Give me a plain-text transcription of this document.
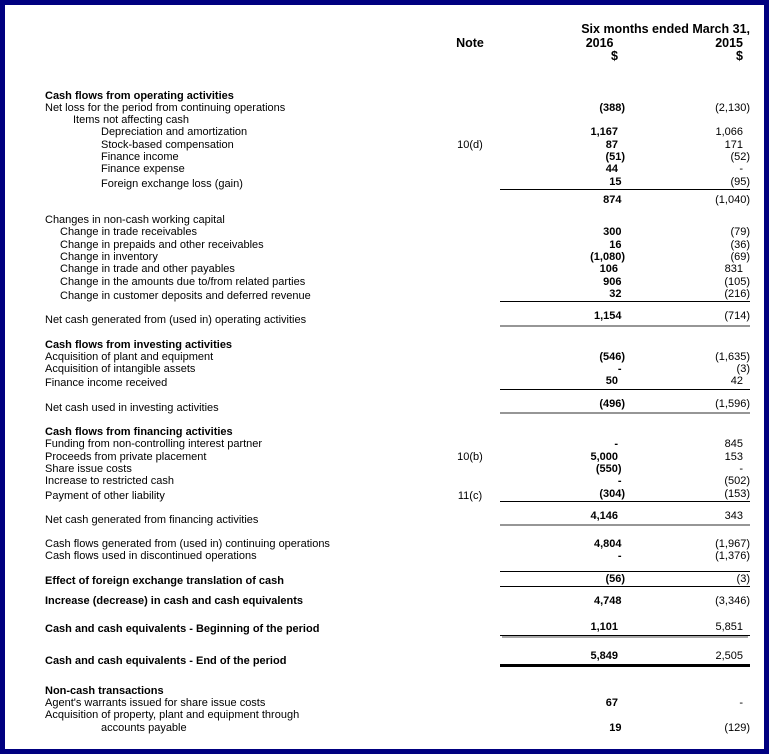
Six months ended March 31,
Note	2016	2015
$	$
Cash flows from operating activities
Net loss for the period from continuing operations	(388)	(2,130)
Items not affecting cash
Depreciation and amortization	1,167	1,066
Stock-based compensation	10(d)	87	171
Finance income	(51)	(52)
Finance expense	44	-
Foreign exchange loss (gain)	15	(95)
874	(1,040)
Changes in non-cash working capital
Change in trade receivables	300	(79)
Change in prepaids and other receivables	16	(36)
Change in inventory	(1,080)	(69)
Change in trade and other payables	106	831
Change in the amounts due to/from related parties	906	(105)
Change in customer deposits and deferred revenue	32	(216)
Net cash generated from (used in) operating activities	1,154	(714)
Cash flows from investing activities
Acquisition of plant and equipment	(546)	(1,635)
Acquisition of intangible assets	-	(3)
Finance income received	50	42
Net cash used in investing activities	(496)	(1,596)
Cash flows from financing activities
Funding from non-controlling interest partner	-	845
Proceeds from private placement	10(b)	5,000	153
Share issue costs	(550)	-
Increase to restricted cash	-	(502)
Payment of other liability	11(c)	(304)	(153)
Net cash generated from financing activities	4,146	343
Cash flows generated from (used in) continuing operations	4,804	(1,967)
Cash flows used in discontinued operations	-	(1,376)
Effect of foreign exchange translation of cash	(56)	(3)
Increase (decrease) in cash and cash equivalents	4,748	(3,346)
Cash and cash equivalents - Beginning of the period	1,101	5,851
Cash and cash equivalents - End of the period	5,849	2,505
Non-cash transactions
Agent's warrants issued for share issue costs	67	-
Acquisition of property, plant and equipment through
accounts payable	19	(129)
